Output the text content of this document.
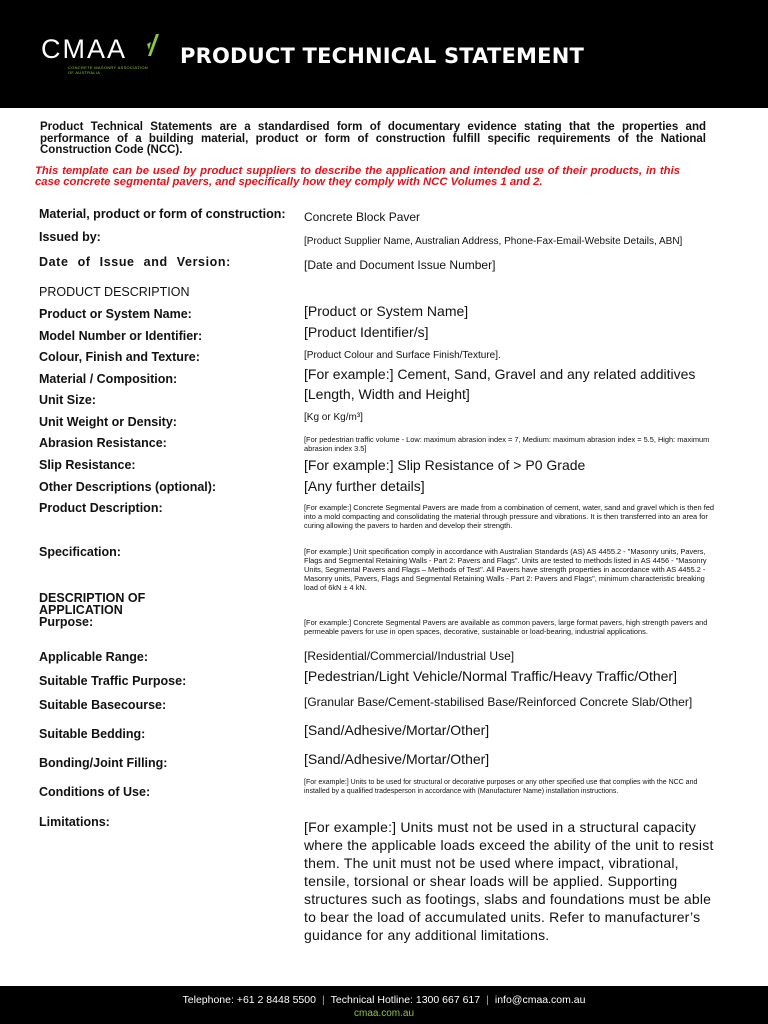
CMAA
CONCRETE MASONRY ASSOCIATION OF AUSTRALIA
PRODUCT TECHNICAL STATEMENT
Product Technical Statements are a standardised form of documentary evidence stating that the properties and performance of a building material, product or form of construction fulfill specific requirements of the National Construction Code (NCC).
This template can be used by product suppliers to describe the application and intended use of their products, in this case concrete segmental pavers, and specifically how they comply with NCC Volumes 1 and 2.
Material, product or form of construction: Concrete Block Paver
Issued by:	[Product Supplier Name, Australian Address, Phone-Fax-Email-Website Details, ABN]
Date of Issue and Version:	[Date and Document Issue Number]
PRODUCT DESCRIPTION
Product or System Name:	[Product or System Name]
Model Number or Identifier:	[Product Identifier/s]
Colour, Finish and Texture:	[Product Colour and Surface Finish/Texture].
Material / Composition:	[For example:] Cement, Sand, Gravel and any related additives
Unit Size:	[Length, Width and Height]
Unit Weight or Density:	[Kg or Kg/m³]
Abrasion Resistance:	[For pedestrian traffic volume - Low: maximum abrasion index = 7, Medium: maximum abrasion index = 5.5, High: maximum abrasion index 3.5]
Slip Resistance:	[For example:] Slip Resistance of > P0 Grade
Other Descriptions (optional):	[Any further details]
Product Description:	[For example:] Concrete Segmental Pavers are made from a combination of cement, water, sand and gravel which is then fed into a mold compacting and consolidating the material through pressure and vibrations. It is then transferred into an area for curing allowing the pavers to harden and develop their strength.
Specification:	[For example:] Unit specification comply in accordance with Australian Standards (AS) AS 4455.2 - "Masonry units, Pavers, Flags and Segmental Retaining Walls - Part 2: Pavers and Flags". Units are tested to methods listed in AS 4456 - "Masonry Units, Segmental Pavers and Flags – Methods of Test". All Pavers have strength properties in accordance with AS 4455.2 - Masonry units, Pavers, Flags and Segmental Retaining Walls - Part 2: Pavers and Flags", minimum characteristic breaking load of 6kN ± 4 kN.
DESCRIPTION OF APPLICATION
Purpose:	[For example:] Concrete Segmental Pavers are available as common pavers, large format pavers, high strength pavers and permeable pavers for use in open spaces, decorative, sustainable or load-bearing, industrial applications.
Applicable Range:	[Residential/Commercial/Industrial Use]
Suitable Traffic Purpose:	[Pedestrian/Light Vehicle/Normal Traffic/Heavy Traffic/Other]
Suitable Basecourse:	[Granular Base/Cement-stabilised Base/Reinforced Concrete Slab/Other]
Suitable Bedding:	[Sand/Adhesive/Mortar/Other]
Bonding/Joint Filling:	[Sand/Adhesive/Mortar/Other]
Conditions of Use:
[For example:] Units to be used for structural or decorative purposes or any other specified use that complies with the NCC and installed by a qualified tradesperson in accordance with (Manufacturer Name) installation instructions.
Limitations:	[For example:] Units must not be used in a structural capacity where the applicable loads exceed the ability of the unit to resist them. The unit must not be used where impact, vibrational, tensile, torsional or shear loads will be applied. Supporting structures such as footings, slabs and foundations must be able to bear the load of accumulated units. Refer to manufacturer’s guidance for any additional limitations.
Telephone: +61 2 8448 5500 | Technical Hotline: 1300 667 617 | info@cmaa.com.au
cmaa.com.au
